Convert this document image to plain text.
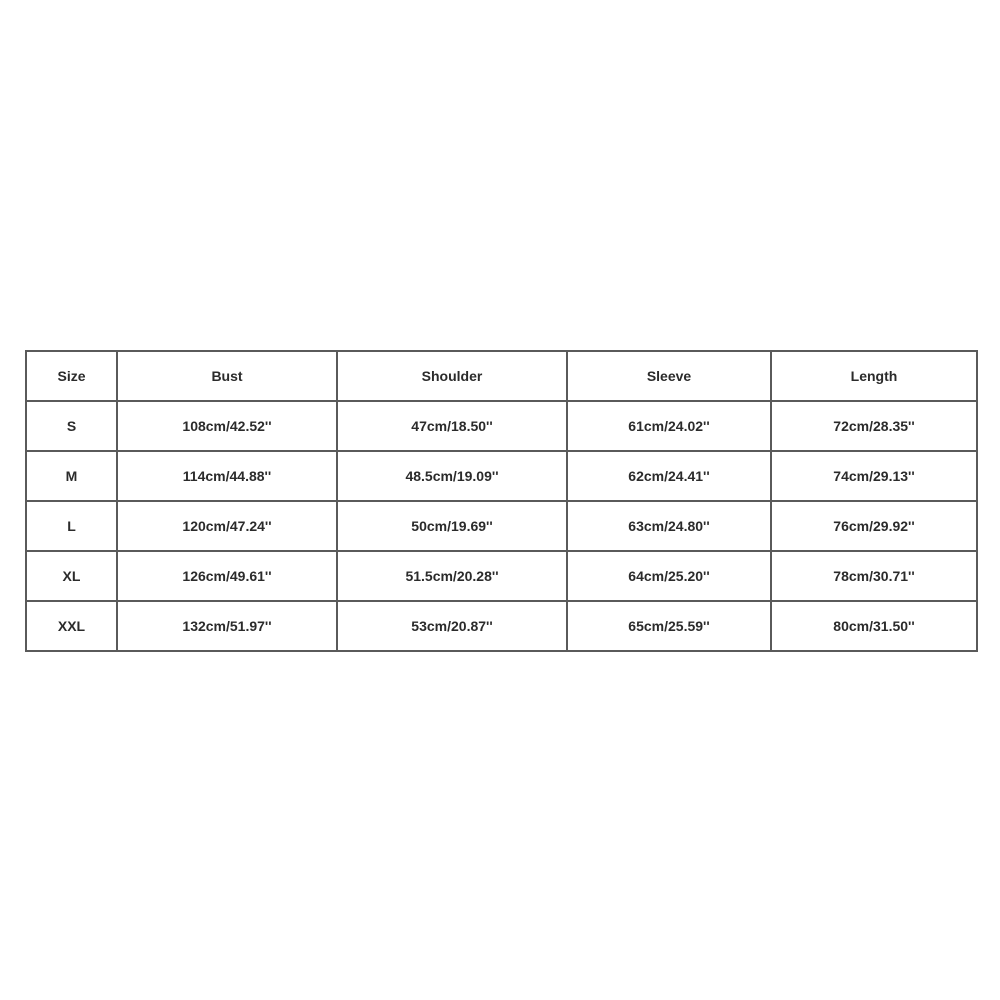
Size	Bust	Shoulder	Sleeve	Length
S	108cm/42.52''	47cm/18.50''	61cm/24.02''	72cm/28.35''
M	114cm/44.88''	48.5cm/19.09''	62cm/24.41''	74cm/29.13''
L	120cm/47.24''	50cm/19.69''	63cm/24.80''	76cm/29.92''
XL	126cm/49.61''	51.5cm/20.28''	64cm/25.20''	78cm/30.71''
XXL	132cm/51.97''	53cm/20.87''	65cm/25.59''	80cm/31.50''
